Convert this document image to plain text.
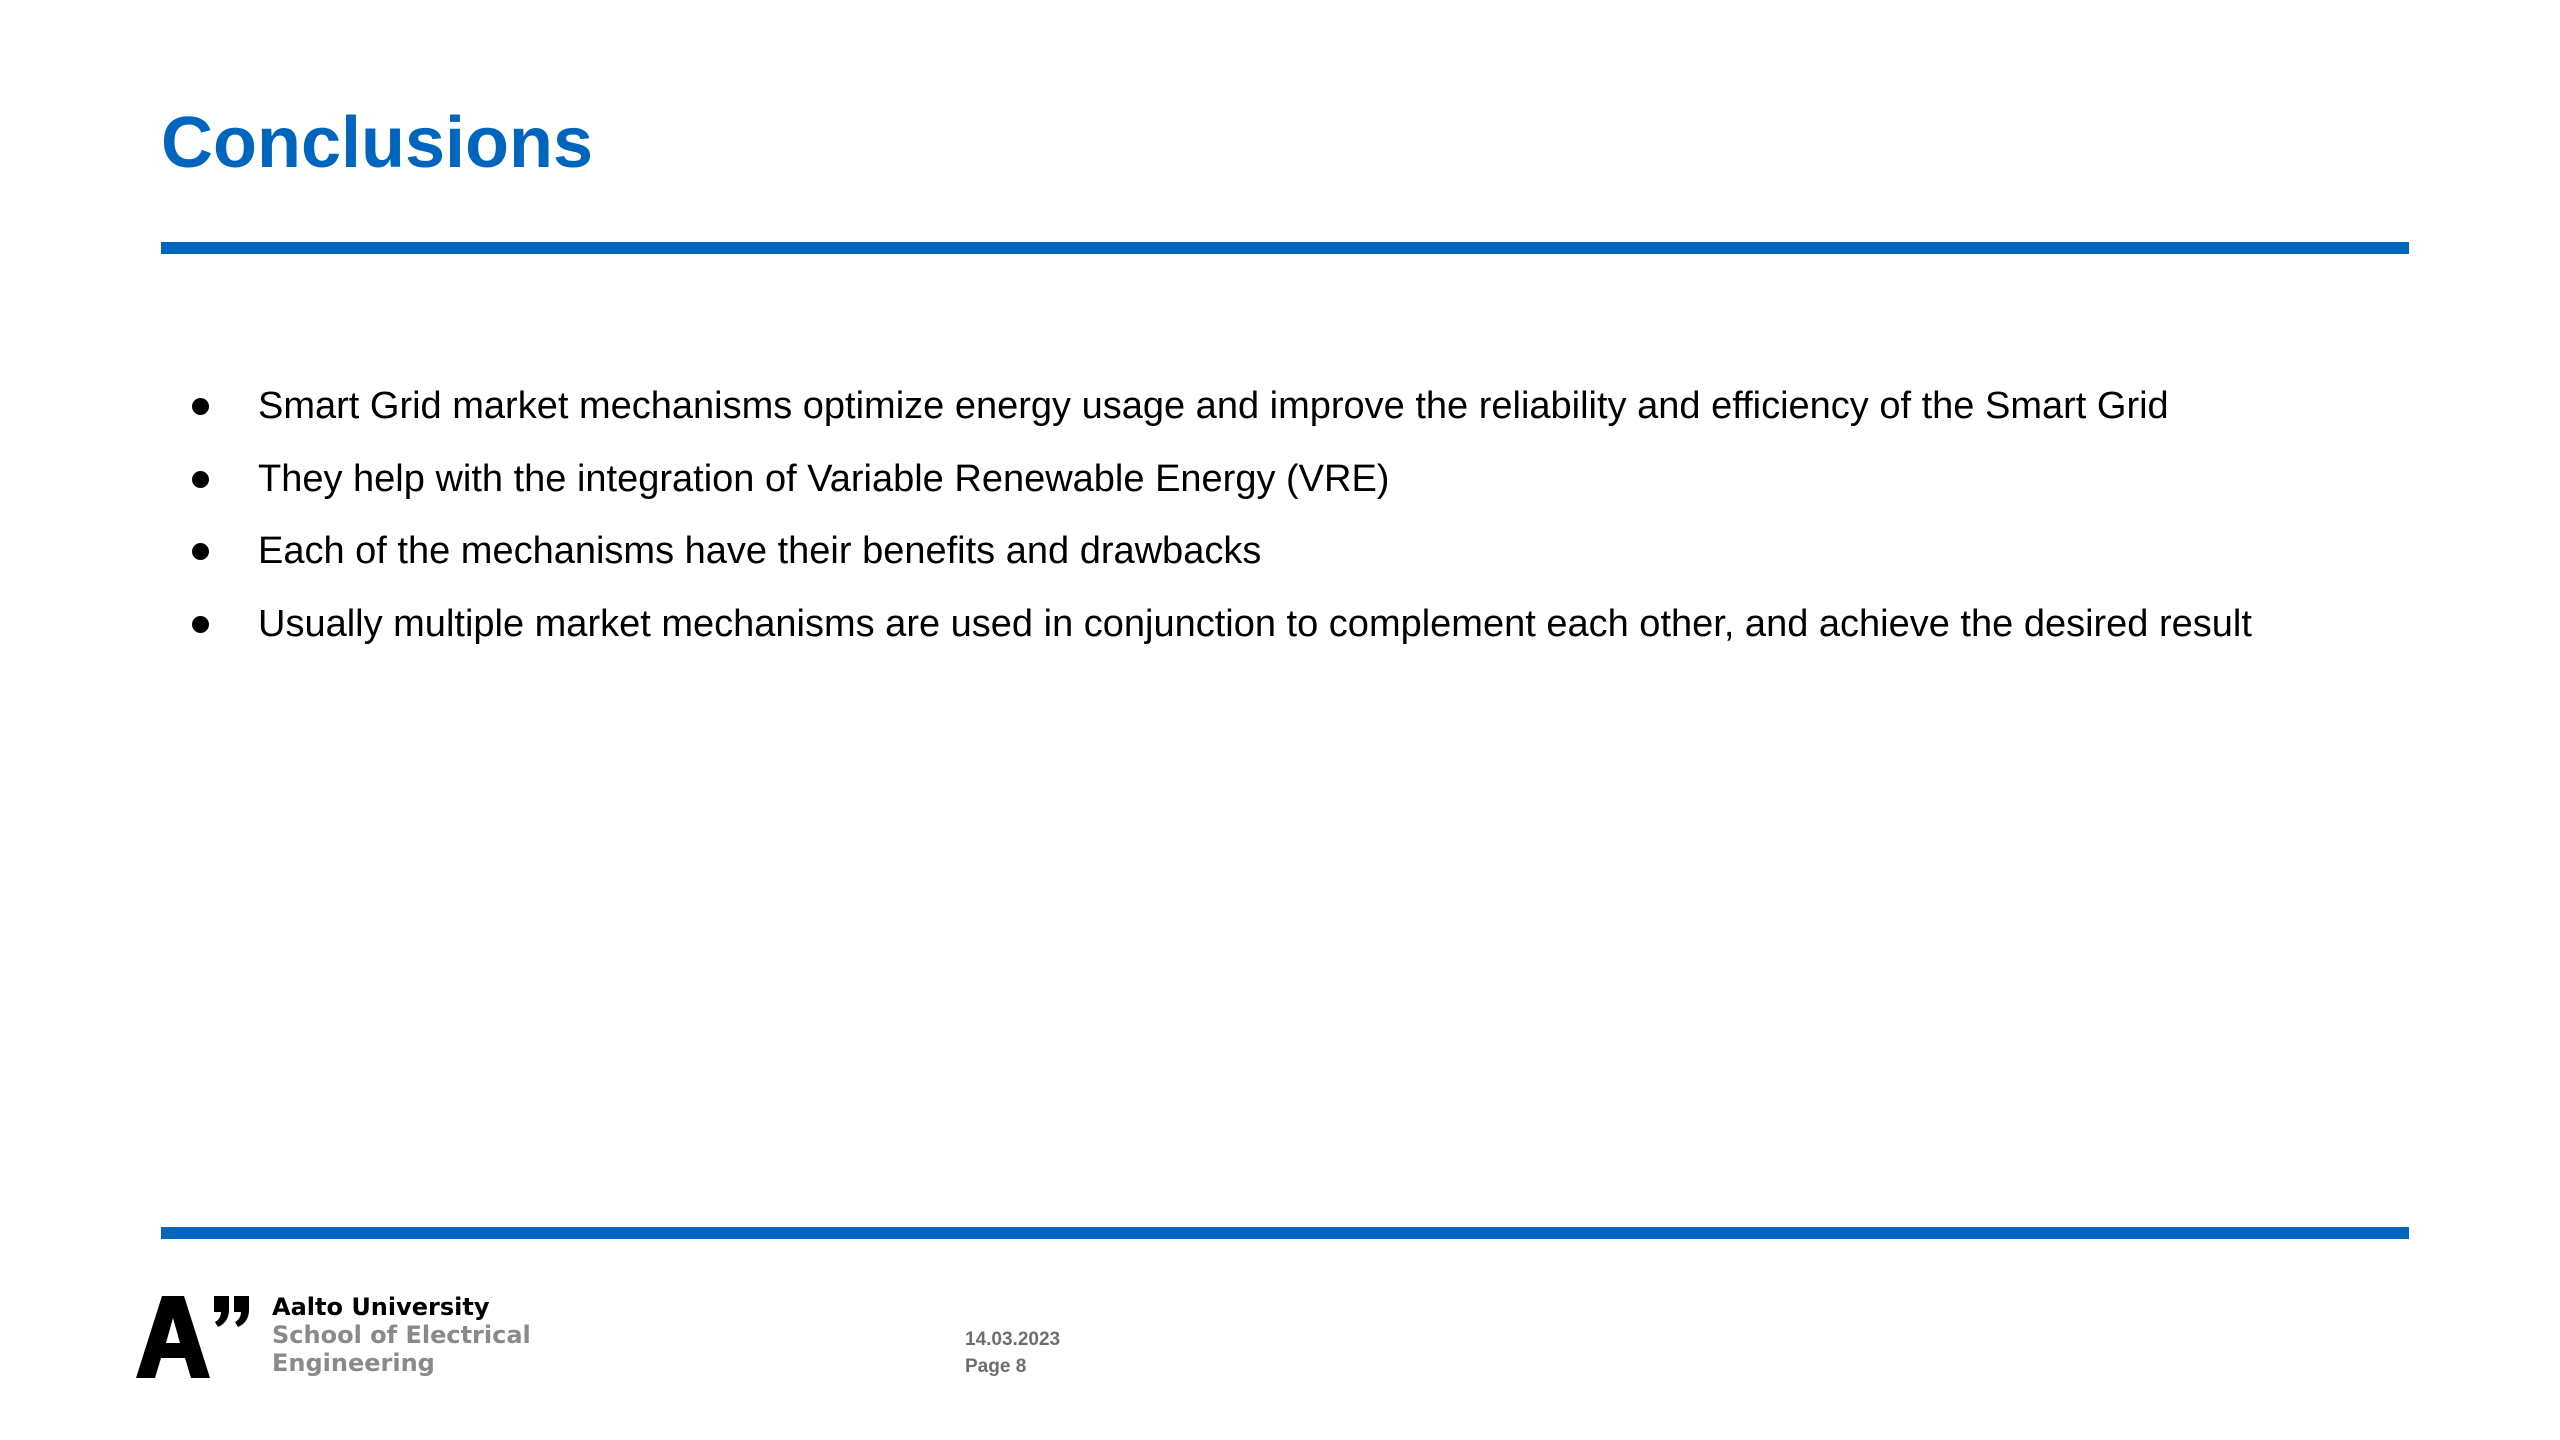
Conclusions
Smart Grid market mechanisms optimize energy usage and improve the reliability and efficiency of the Smart Grid
They help with the integration of Variable Renewable Energy (VRE)
Each of the mechanisms have their benefits and drawbacks
Usually multiple market mechanisms are used in conjunction to complement each other, and achieve the desired result
Aalto University
School of Electrical
Engineering
14.03.2023
Page 8
